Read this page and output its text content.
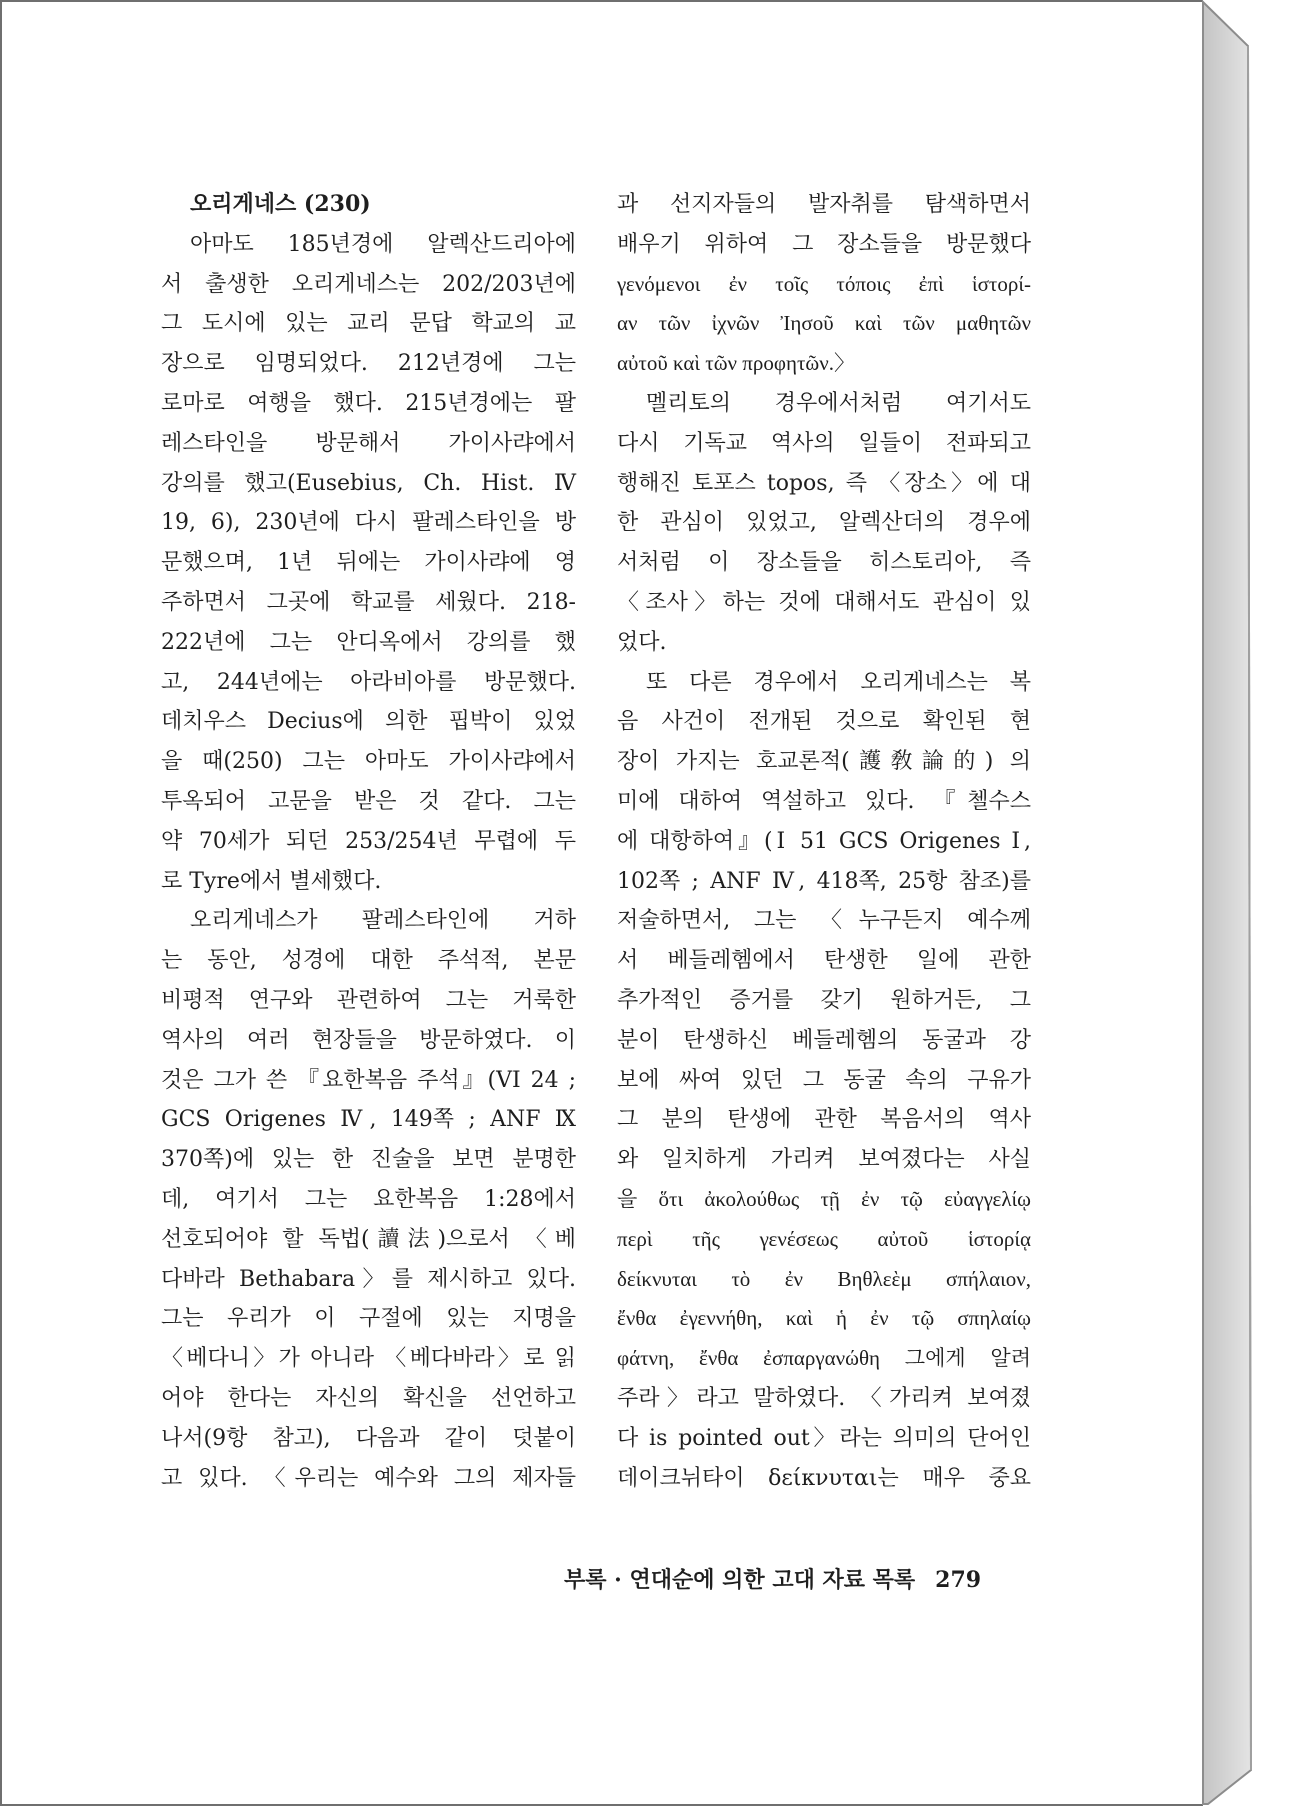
오리게네스 (230)
아마도 185년경에 알렉산드리아에
서 출생한 오리게네스는 202/203년에
그 도시에 있는 교리 문답 학교의 교
장으로 임명되었다. 212년경에 그는
로마로 여행을 했다. 215년경에는 팔
레스타인을 방문해서 가이사랴에서
강의를 했고(Eusebius, Ch. Hist. Ⅳ
19, 6), 230년에 다시 팔레스타인을 방
문했으며, 1년 뒤에는 가이사랴에 영
주하면서 그곳에 학교를 세웠다. 218-
222년에 그는 안디옥에서 강의를 했
고, 244년에는 아라비아를 방문했다.
데치우스 Decius에 의한 핍박이 있었
을 때(250) 그는 아마도 가이사랴에서
투옥되어 고문을 받은 것 같다. 그는
약 70세가 되던 253/254년 무렵에 두
로 Tyre에서 별세했다.
오리게네스가 팔레스타인에 거하
는 동안, 성경에 대한 주석적, 본문
비평적 연구와 관련하여 그는 거룩한
역사의 여러 현장들을 방문하였다. 이
것은 그가 쓴 『요한복음 주석』(VI 24 ;
GCS Origenes Ⅳ, 149쪽 ; ANF Ⅸ
370쪽)에 있는 한 진술을 보면 분명한
데, 여기서 그는 요한복음 1:28에서
선호되어야 할 독법(讀法)으로서 〈베
다바라 Bethabara〉를 제시하고 있다.
그는 우리가 이 구절에 있는 지명을
〈베다니〉가 아니라 〈베다바라〉로 읽
어야 한다는 자신의 확신을 선언하고
나서(9항 참고), 다음과 같이 덧붙이
고 있다. 〈우리는 예수와 그의 제자들
과 선지자들의 발자취를 탐색하면서
배우기 위하여 그 장소들을 방문했다
γενόμενοι ἐν τοῖς τόποις ἐπὶ ἱστορί-
αν τῶν ἰχνῶν Ἰησοῦ καὶ τῶν μαθητῶν
αὐτοῦ καὶ τῶν προφητῶν.〉
멜리토의 경우에서처럼 여기서도
다시 기독교 역사의 일들이 전파되고
행해진 토포스 topos, 즉 〈장소〉에 대
한 관심이 있었고, 알렉산더의 경우에
서처럼 이 장소들을 히스토리아, 즉
〈조사〉하는 것에 대해서도 관심이 있
었다.
또 다른 경우에서 오리게네스는 복
음 사건이 전개된 것으로 확인된 현
장이 가지는 호교론적(護敎論的) 의
미에 대하여 역설하고 있다. 『첼수스
에 대항하여』(Ⅰ 51 GCS Origenes Ⅰ,
102쪽 ; ANF Ⅳ, 418쪽, 25항 참조)를
저술하면서, 그는 〈누구든지 예수께
서 베들레헴에서 탄생한 일에 관한
추가적인 증거를 갖기 원하거든, 그
분이 탄생하신 베들레헴의 동굴과 강
보에 싸여 있던 그 동굴 속의 구유가
그 분의 탄생에 관한 복음서의 역사
와 일치하게 가리켜 보여졌다는 사실
을 ὅτι ἀκολούθως τῇ ἐν τῷ εὐαγγελίῳ
περὶ τῆς γενέσεως αὐτοῦ ἱστορίᾳ
δείκνυται τὸ ἐν Βηθλεὲμ σπήλαιον,
ἔνθα ἐγεννήθη, καὶ ἡ ἐν τῷ σπηλαίῳ
φάτνη, ἔνθα ἐσπαργανώθη 그에게 알려
주라〉라고 말하였다. 〈가리켜 보여졌
다 is pointed out〉라는 의미의 단어인
데이크뉘타이 δείκνυται는 매우 중요
부록 · 연대순에 의한 고대 자료 목록 279
